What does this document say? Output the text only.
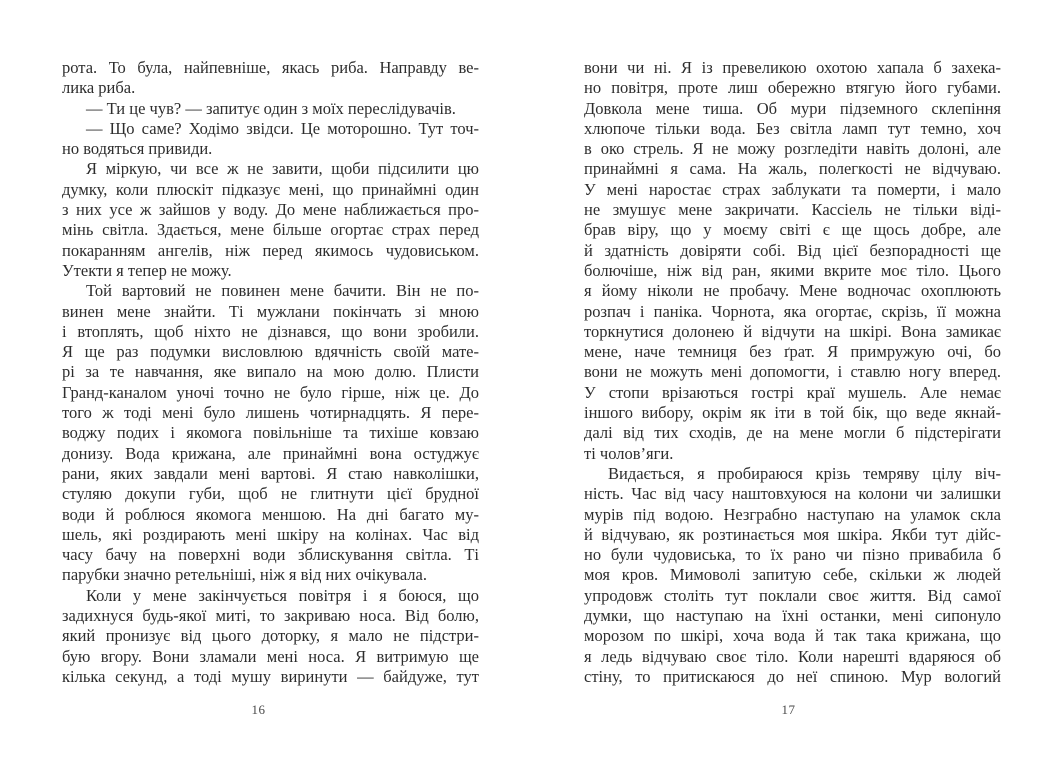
рота. То була, найпевніше, якась риба. Направду ве-
лика риба.
— Ти це чув? — запитує один з моїх переслідувачів.
— Що саме? Ходімо звідси. Це моторошно. Тут точ-
но водяться привиди.
Я міркую, чи все ж не завити, щоби підсилити цю
думку, коли плюскіт підказує мені, що принаймні один
з них усе ж зайшов у воду. До мене наближається про-
мінь світла. Здається, мене більше огортає страх перед
покаранням ангелів, ніж перед якимось чудовиськом.
Утекти я тепер не можу.
Той вартовий не повинен мене бачити. Він не по-
винен мене знайти. Ті мужлани покінчать зі мною
і втоплять, щоб ніхто не дізнався, що вони зробили.
Я ще раз подумки висловлюю вдячність своїй мате-
рі за те навчання, яке випало на мою долю. Плисти
Гранд-каналом уночі точно не було гірше, ніж це. До
того ж тоді мені було лишень чотирнадцять. Я пере-
воджу подих і якомога повільніше та тихіше ковзаю
донизу. Вода крижана, але принаймні вона остуджує
рани, яких завдали мені вартові. Я стаю навколішки,
стуляю докупи губи, щоб не глитнути цієї брудної
води й роблюся якомога меншою. На дні багато му-
шель, які роздирають мені шкіру на колінах. Час від
часу бачу на поверхні води зблискування світла. Ті
парубки значно ретельніші, ніж я від них очікувала.
Коли у мене закінчується повітря і я боюся, що
задихнуся будь-якої миті, то закриваю носа. Від болю,
який пронизує від цього доторку, я мало не підстри-
бую вгору. Вони зламали мені носа. Я витримую ще
кілька секунд, а тоді мушу виринути — байдуже, тут
вони чи ні. Я із превеликою охотою хапала б захека-
но повітря, проте лиш обережно втягую його губами.
Довкола мене тиша. Об мури підземного склепіння
хлюпоче тільки вода. Без світла ламп тут темно, хоч
в око стрель. Я не можу розгледіти навіть долоні, але
принаймні я сама. На жаль, полегкості не відчуваю.
У мені наростає страх заблукати та померти, і мало
не змушує мене закричати. Кассіель не тільки віді-
брав віру, що у моєму світі є ще щось добре, але
й здатність довіряти собі. Від цієї безпорадності ще
болючіше, ніж від ран, якими вкрите моє тіло. Цього
я йому ніколи не пробачу. Мене водночас охоплюють
розпач і паніка. Чорнота, яка огортає, скрізь, її можна
торкнутися долонею й відчути на шкірі. Вона замикає
мене, наче темниця без ґрат. Я примружую очі, бо
вони не можуть мені допомогти, і ставлю ногу вперед.
У стопи врізаються гострі краї мушель. Але немає
іншого вибору, окрім як іти в той бік, що веде якнай-
далі від тих сходів, де на мене могли б підстерігати
ті чолов’яги.
Видається, я пробираюся крізь темряву цілу віч-
ність. Час від часу наштовхуюся на колони чи залишки
мурів під водою. Незграбно наступаю на уламок скла
й відчуваю, як розтинається моя шкіра. Якби тут дійс-
но були чудовиська, то їх рано чи пізно привабила б
моя кров. Мимоволі запитую себе, скільки ж людей
упродовж століть тут поклали своє життя. Від самої
думки, що наступаю на їхні останки, мені сипонуло
морозом по шкірі, хоча вода й так така крижана, що
я ледь відчуваю своє тіло. Коли нарешті вдаряюся об
стіну, то притискаюся до неї спиною. Мур вологий
16	17
